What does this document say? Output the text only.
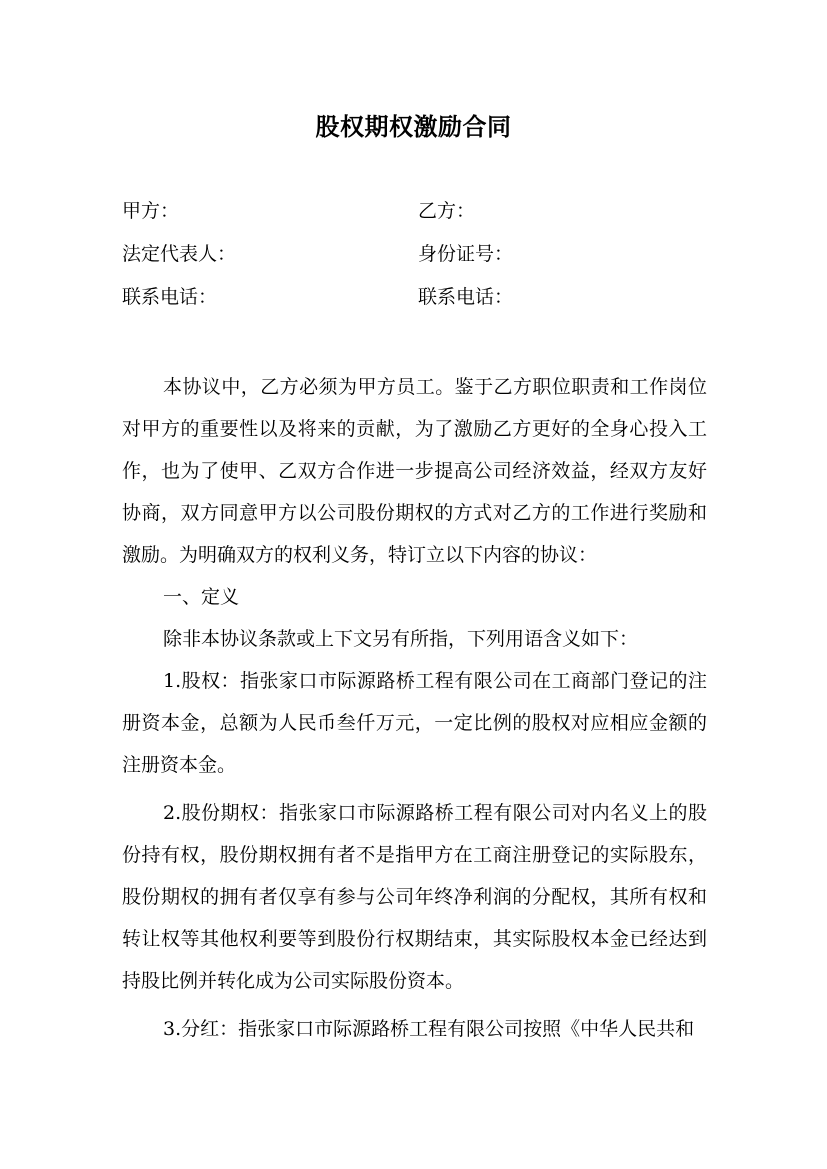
股权期权激励合同
甲方：	乙方：
法定代表人：	身份证号：
联系电话：	联系电话：

本协议中，乙方必须为甲方员工。鉴于乙方职位职责和工作岗位对甲方的重要性以及将来的贡献，为了激励乙方更好的全身心投入工作，也为了使甲、乙双方合作进一步提高公司经济效益，经双方友好协商，双方同意甲方以公司股份期权的方式对乙方的工作进行奖励和激励。为明确双方的权利义务，特订立以下内容的协议：

一、定义

除非本协议条款或上下文另有所指，下列用语含义如下：

1.股权：指张家口市际源路桥工程有限公司在工商部门登记的注册资本金，总额为人民币叁仟万元，一定比例的股权对应相应金额的注册资本金。

2.股份期权：指张家口市际源路桥工程有限公司对内名义上的股份持有权，股份期权拥有者不是指甲方在工商注册登记的实际股东，股份期权的拥有者仅享有参与公司年终净利润的分配权，其所有权和转让权等其他权利要等到股份行权期结束，其实际股权本金已经达到持股比例并转化成为公司实际股份资本。

3.分红：指张家口市际源路桥工程有限公司按照《中华人民共和
